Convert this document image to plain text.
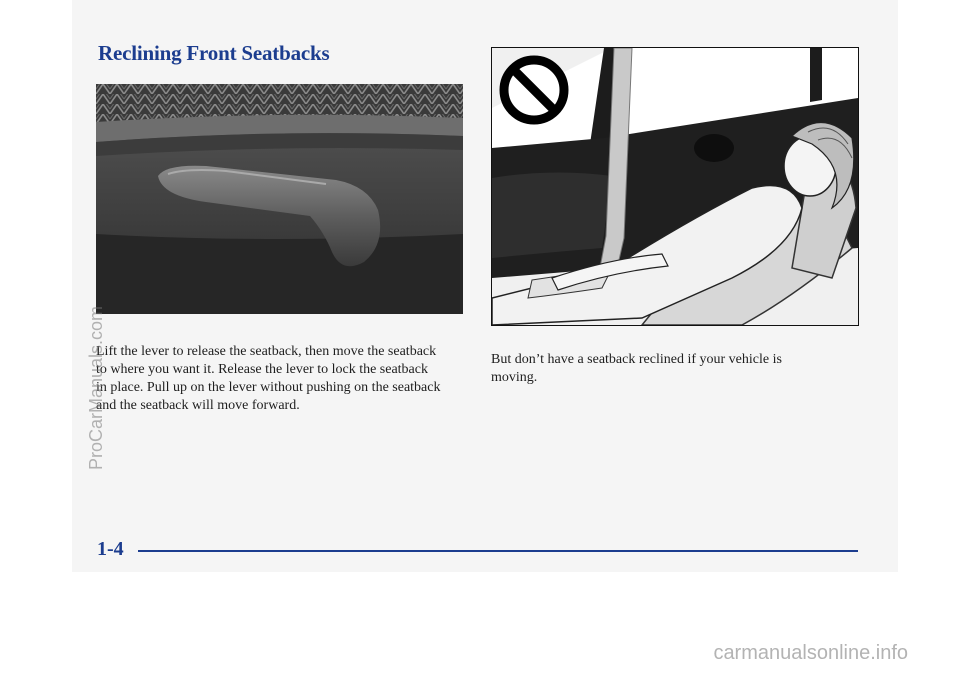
Reclining Front Seatbacks

Lift the lever to release the seatback, then move the seatback to where you want it. Release the lever to lock the seatback in place. Pull up on the lever without pushing on the seatback and the seatback will move forward.

But don’t have a seatback reclined if your vehicle is moving.

1-4
ProCarManuals.com
carmanualsonline.info
